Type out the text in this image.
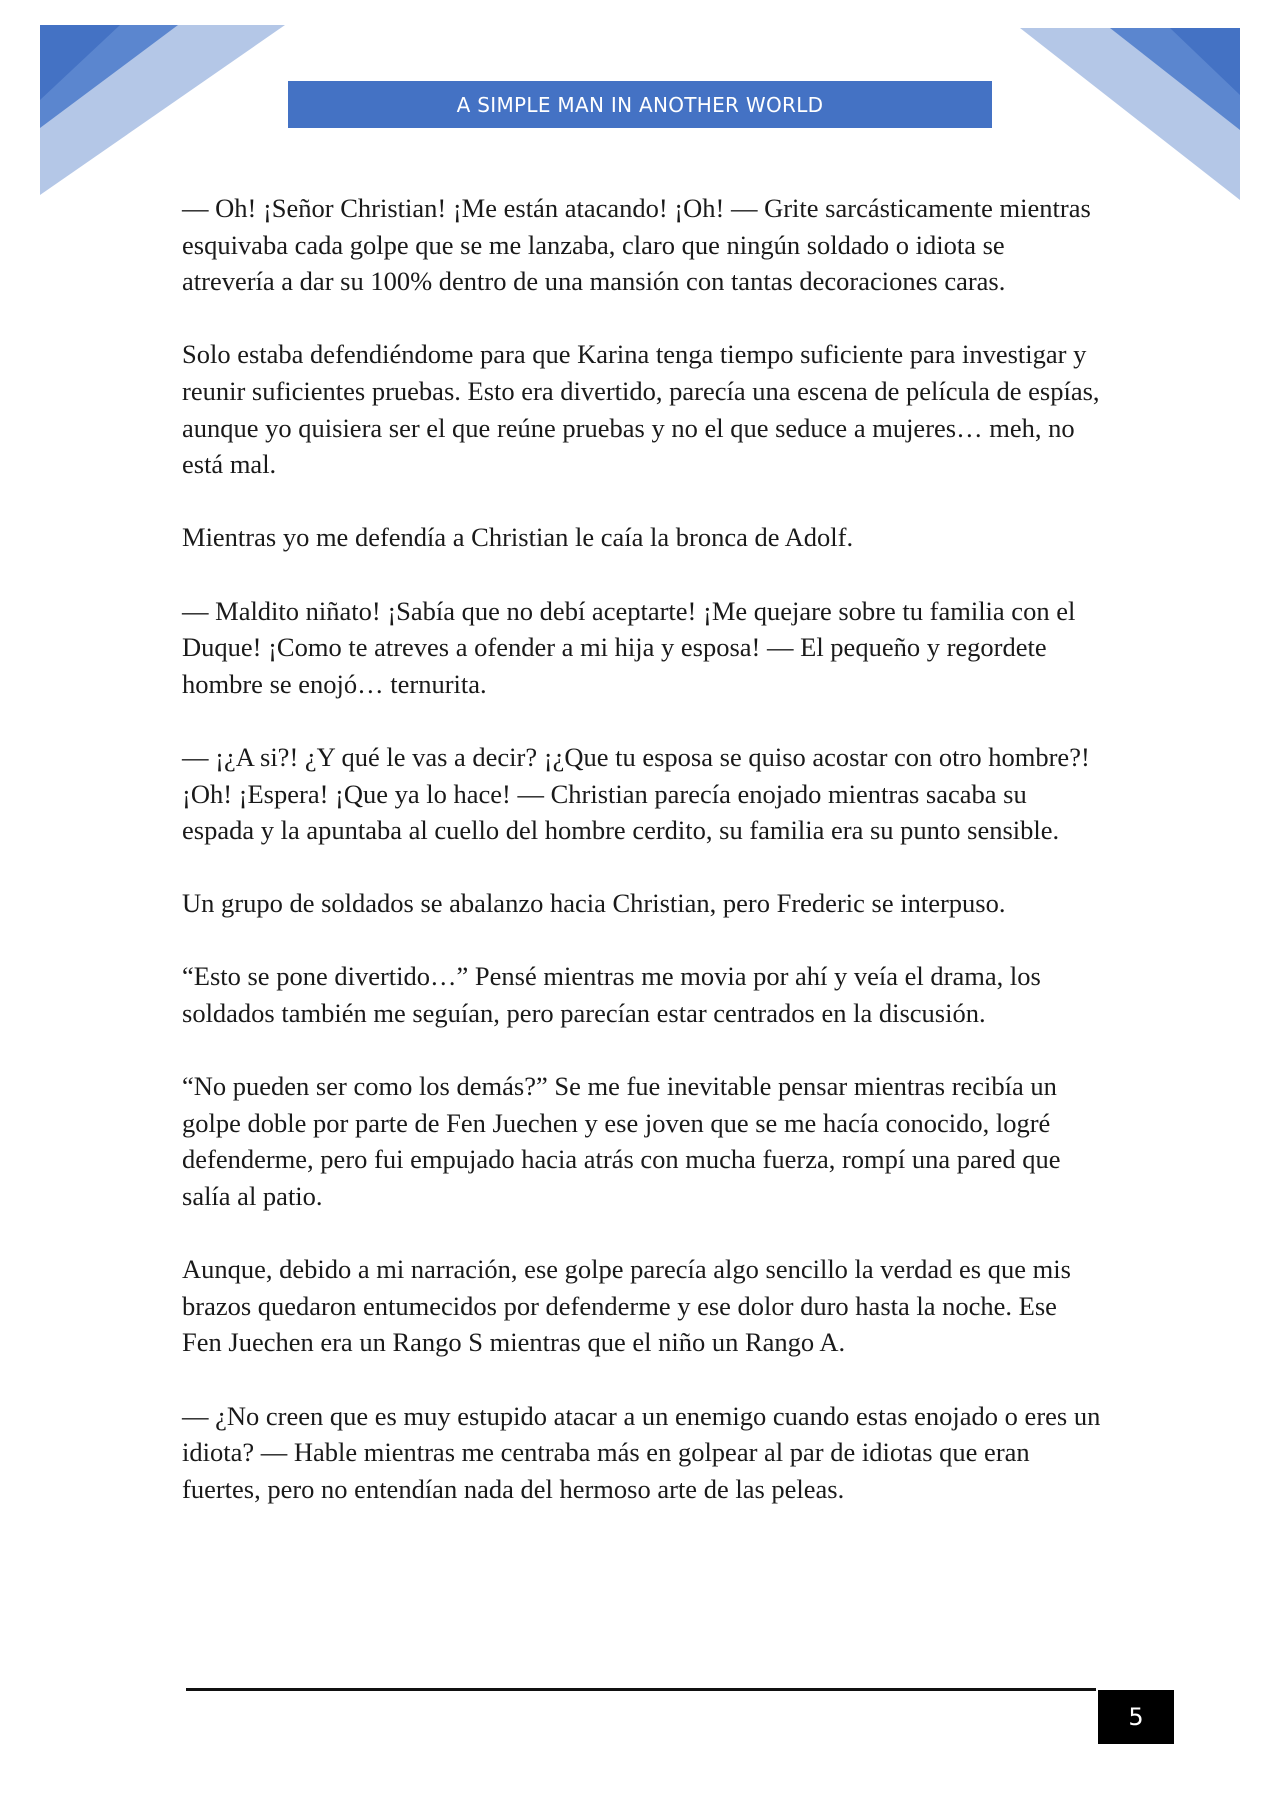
A SIMPLE MAN IN ANOTHER WORLD

— Oh! ¡Señor Christian! ¡Me están atacando! ¡Oh! — Grite sarcásticamente mientras esquivaba cada golpe que se me lanzaba, claro que ningún soldado o idiota se atrevería a dar su 100% dentro de una mansión con tantas decoraciones caras.

Solo estaba defendiéndome para que Karina tenga tiempo suficiente para investigar y reunir suficientes pruebas. Esto era divertido, parecía una escena de película de espías, aunque yo quisiera ser el que reúne pruebas y no el que seduce a mujeres… meh, no está mal.

Mientras yo me defendía a Christian le caía la bronca de Adolf.

— Maldito niñato! ¡Sabía que no debí aceptarte! ¡Me quejare sobre tu familia con el Duque! ¡Como te atreves a ofender a mi hija y esposa! — El pequeño y regordete hombre se enojó… ternurita.

— ¡¿A si?! ¿Y qué le vas a decir? ¡¿Que tu esposa se quiso acostar con otro hombre?! ¡Oh! ¡Espera! ¡Que ya lo hace! — Christian parecía enojado mientras sacaba su espada y la apuntaba al cuello del hombre cerdito, su familia era su punto sensible.

Un grupo de soldados se abalanzo hacia Christian, pero Frederic se interpuso.

“Esto se pone divertido…” Pensé mientras me movia por ahí y veía el drama, los soldados también me seguían, pero parecían estar centrados en la discusión.

“No pueden ser como los demás?” Se me fue inevitable pensar mientras recibía un golpe doble por parte de Fen Juechen y ese joven que se me hacía conocido, logré defenderme, pero fui empujado hacia atrás con mucha fuerza, rompí una pared que salía al patio.

Aunque, debido a mi narración, ese golpe parecía algo sencillo la verdad es que mis brazos quedaron entumecidos por defenderme y ese dolor duro hasta la noche. Ese Fen Juechen era un Rango S mientras que el niño un Rango A.

— ¿No creen que es muy estupido atacar a un enemigo cuando estas enojado o eres un idiota? — Hable mientras me centraba más en golpear al par de idiotas que eran fuertes, pero no entendían nada del hermoso arte de las peleas.

5
